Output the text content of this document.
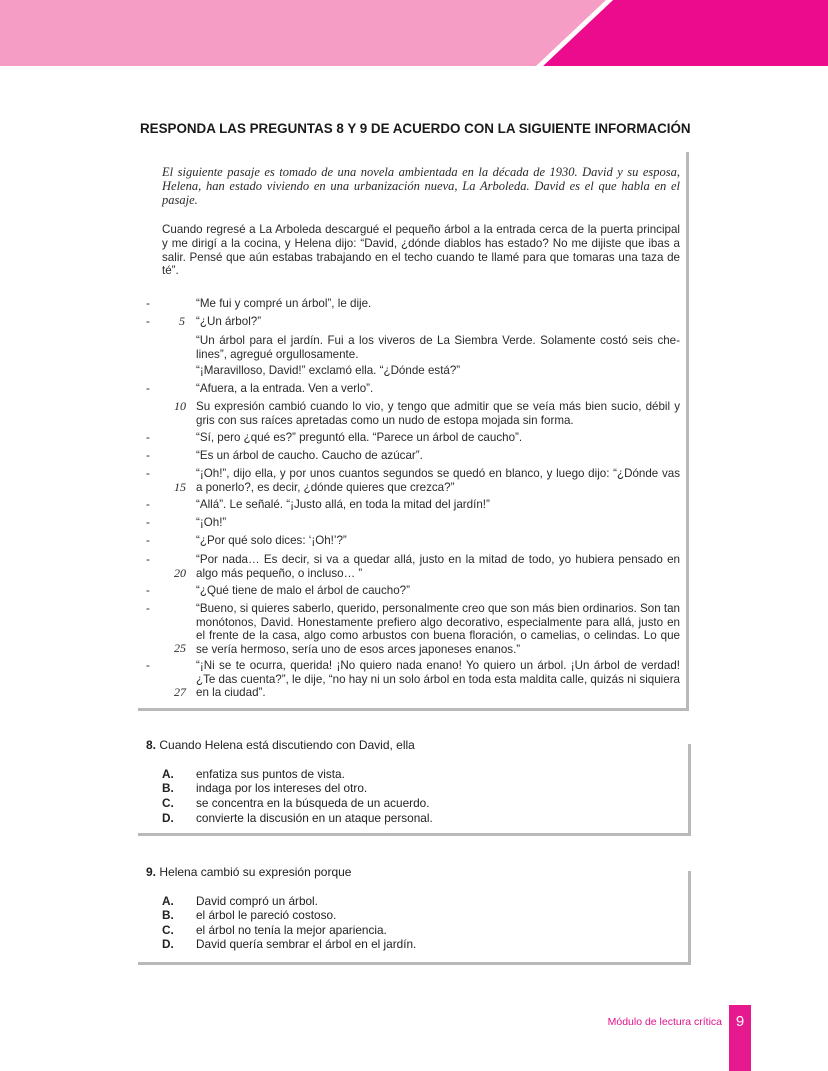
RESPONDA LAS PREGUNTAS 8 Y 9 DE ACUERDO CON LA SIGUIENTE INFORMACIÓN
El siguiente pasaje es tomado de una novela ambientada en la década de 1930. David y su esposa, Helena, han estado viviendo en una urbanización nueva, La Arboleda. David es el que habla en el pasaje.
Cuando regresé a La Arboleda descargué el pequeño árbol a la entrada cerca de la puerta principal y me dirigí a la cocina, y Helena dijo: “David, ¿dónde diablos has estado? No me dijiste que ibas a salir. Pensé que aún estabas trabajando en el techo cuando te llamé para que tomaras una taza de té”.
-	“Me fui y compré un árbol”, le dije.
-	5 “¿Un árbol?”
“Un árbol para el jardín. Fui a los viveros de La Siembra Verde. Solamente costó seis che-lines”, agregué orgullosamente.
“¡Maravilloso, David!” exclamó ella. “¿Dónde está?”
-	“Afuera, a la entrada. Ven a verlo”.
10 Su expresión cambió cuando lo vio, y tengo que admitir que se veía más bien sucio, débil y gris con sus raíces apretadas como un nudo de estopa mojada sin forma.
-	“Sí, pero ¿qué es?” preguntó ella. “Parece un árbol de caucho”.
-	“Es un árbol de caucho. Caucho de azúcar”.
-
15
“¡Oh!”, dijo ella, y por unos cuantos segundos se quedó en blanco, y luego dijo: “¿Dónde vas a ponerlo?, es decir, ¿dónde quieres que crezca?”
-	“Allá”. Le señalé. “¡Justo allá, en toda la mitad del jardín!”
-	“¡Oh!”
-	“¿Por qué solo dices: ‘¡Oh!’?”
-
20
“Por nada… Es decir, si va a quedar allá, justo en la mitad de todo, yo hubiera pensado en algo más pequeño, o incluso… ”
-	“¿Qué tiene de malo el árbol de caucho?”
-
25
“Bueno, si quieres saberlo, querido, personalmente creo que son más bien ordinarios. Son tan monótonos, David. Honestamente prefiero algo decorativo, especialmente para allá, justo en el frente de la casa, algo como arbustos con buena floración, o camelias, o celindas. Lo que se vería hermoso, sería uno de esos arces japoneses enanos.”
-
27
“¡Ni se te ocurra, querida! ¡No quiero nada enano! Yo quiero un árbol. ¡Un árbol de verdad! ¿Te das cuenta?”, le dije, “no hay ni un solo árbol en toda esta maldita calle, quizás ni siquiera en la ciudad”.
8. Cuando Helena está discutiendo con David, ella
A. enfatiza sus puntos de vista.
B. indaga por los intereses del otro.
C. se concentra en la búsqueda de un acuerdo.
D. convierte la discusión en un ataque personal.
9. Helena cambió su expresión porque
A. David compró un árbol.
B. el árbol le pareció costoso.
C. el árbol no tenía la mejor apariencia.
D. David quería sembrar el árbol en el jardín.
Módulo de lectura crítica 9
